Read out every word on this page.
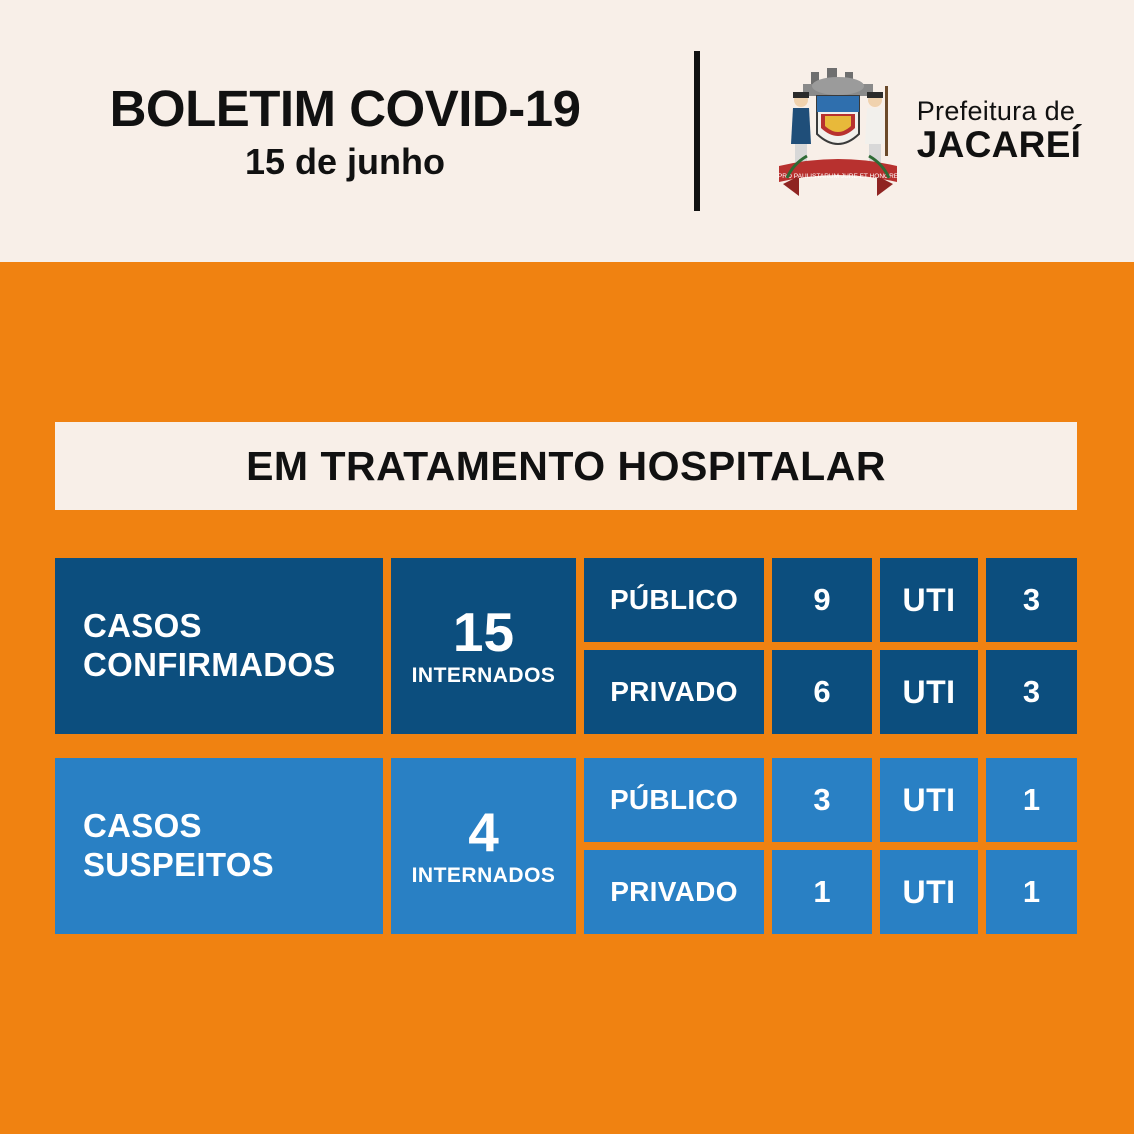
BOLETIM COVID-19
15 de junho	PRO PAULISTARUM JURE ET HONORE
Prefeitura de
JACAREÍ
EM TRATAMENTO HOSPITALAR
CASOS
CONFIRMADOS
15
INTERNADOS
PÚBLICO	9	UTI	3
PRIVADO	6	UTI	3
CASOS
SUSPEITOS
4
INTERNADOS
PÚBLICO	3	UTI	1
PRIVADO	1	UTI	1
